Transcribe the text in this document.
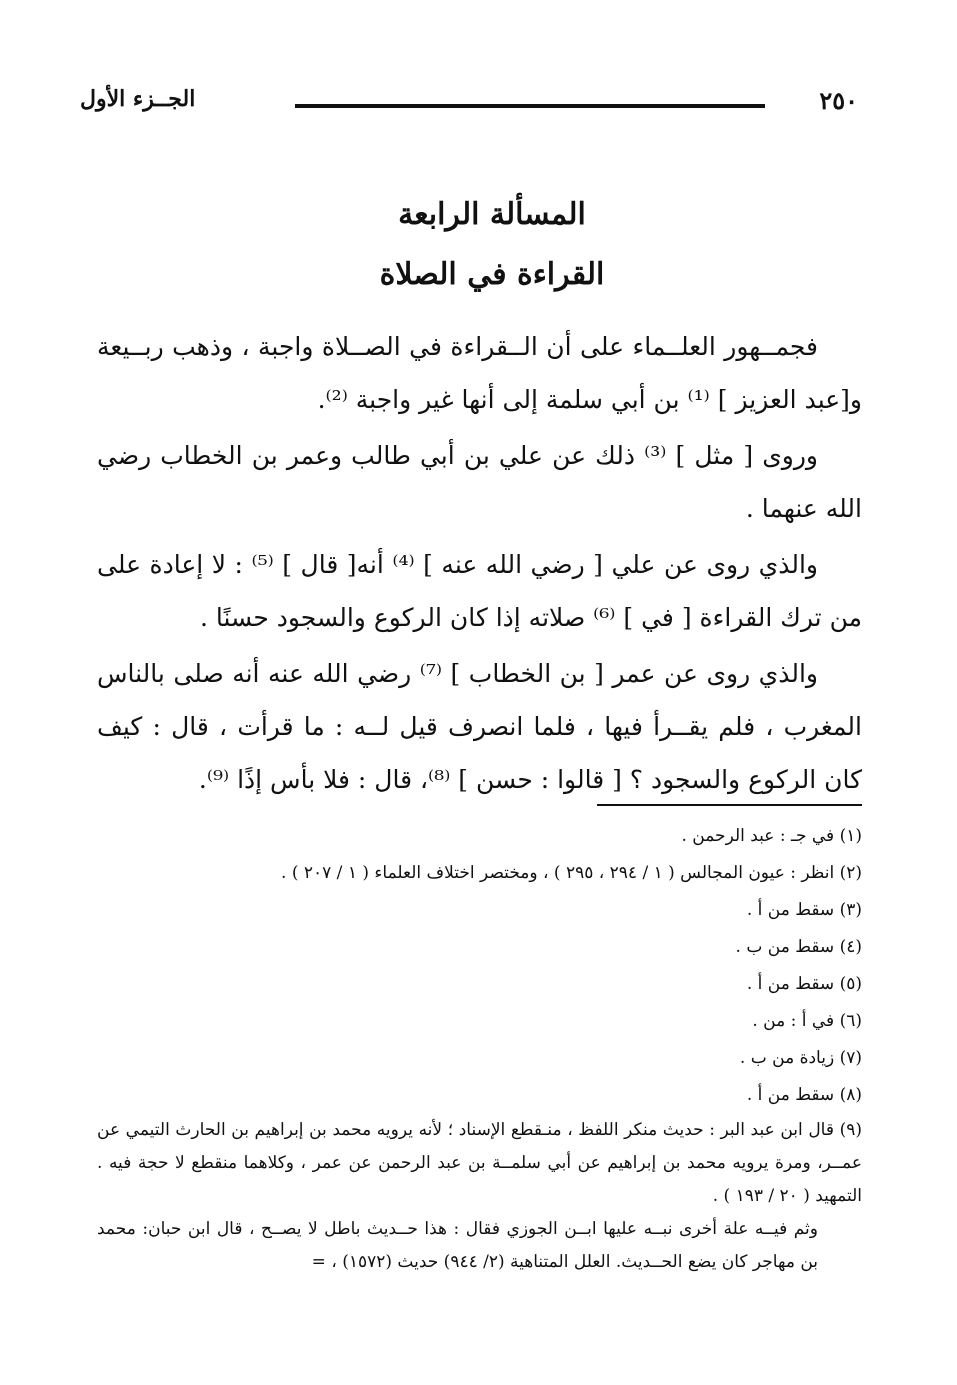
٢٥٠
الجــزء الأول
المسألة الرابعة
القراءة في الصلاة

فجمــهور العلــماء على أن الــقراءة في الصــلاة واجبة ، وذهب ربــيعة و[عبد العزيز ] ⁽¹⁾ بن أبي سلمة إلى أنها غير واجبة ⁽²⁾.

وروى [ مثل ] ⁽³⁾ ذلك عن علي بن أبي طالب وعمر بن الخطاب رضي الله عنهما .

والذي روى عن علي [ رضي الله عنه ] ⁽⁴⁾ أنه[ قال ] ⁽⁵⁾ : لا إعادة على من ترك القراءة [ في ] ⁽⁶⁾ صلاته إذا كان الركوع والسجود حسنًا .

والذي روى عن عمر [ بن الخطاب ] ⁽⁷⁾ رضي الله عنه أنه صلى بالناس المغرب ، فلم يقــرأ فيها ، فلما انصرف قيل لــه : ما قرأت ، قال : كيف كان الركوع والسجود ؟ [ قالوا : حسن ] ⁽⁸⁾، قال : فلا بأس إذًا ⁽⁹⁾.

(١) في جـ : عبد الرحمن .

(٢) انظر : عيون المجالس ( ١ / ٢٩٤ ، ٢٩٥ ) ، ومختصر اختلاف العلماء ( ١ / ٢٠٧ ) .

(٣) سقط من أ .

(٤) سقط من ب .

(٥) سقط من أ .

(٦) في أ : من .

(٧) زيادة من ب .

(٨) سقط من أ .

(٩) قال ابن عبد البر : حديث منكر اللفظ ، منـقطع الإسناد ؛ لأنه يرويه محمد بن إبراهيم بن الحارث التيمي عن عمــر، ومرة يرويه محمد بن إبراهيم عن أبي سلمــة بن عبد الرحمن عن عمر ، وكلاهما منقطع لا حجة فيه . التمهيد ( ٢٠ / ١٩٣ ) .

وثم فيــه علة أخرى نبــه عليها ابــن الجوزي فقال : هذا حــديث باطل لا يصــح ، قال ابن حبان: محمد بن مهاجر كان يضع الحــديث. العلل المتناهية (٢/ ٩٤٤) حديث (١٥٧٢) ، =
